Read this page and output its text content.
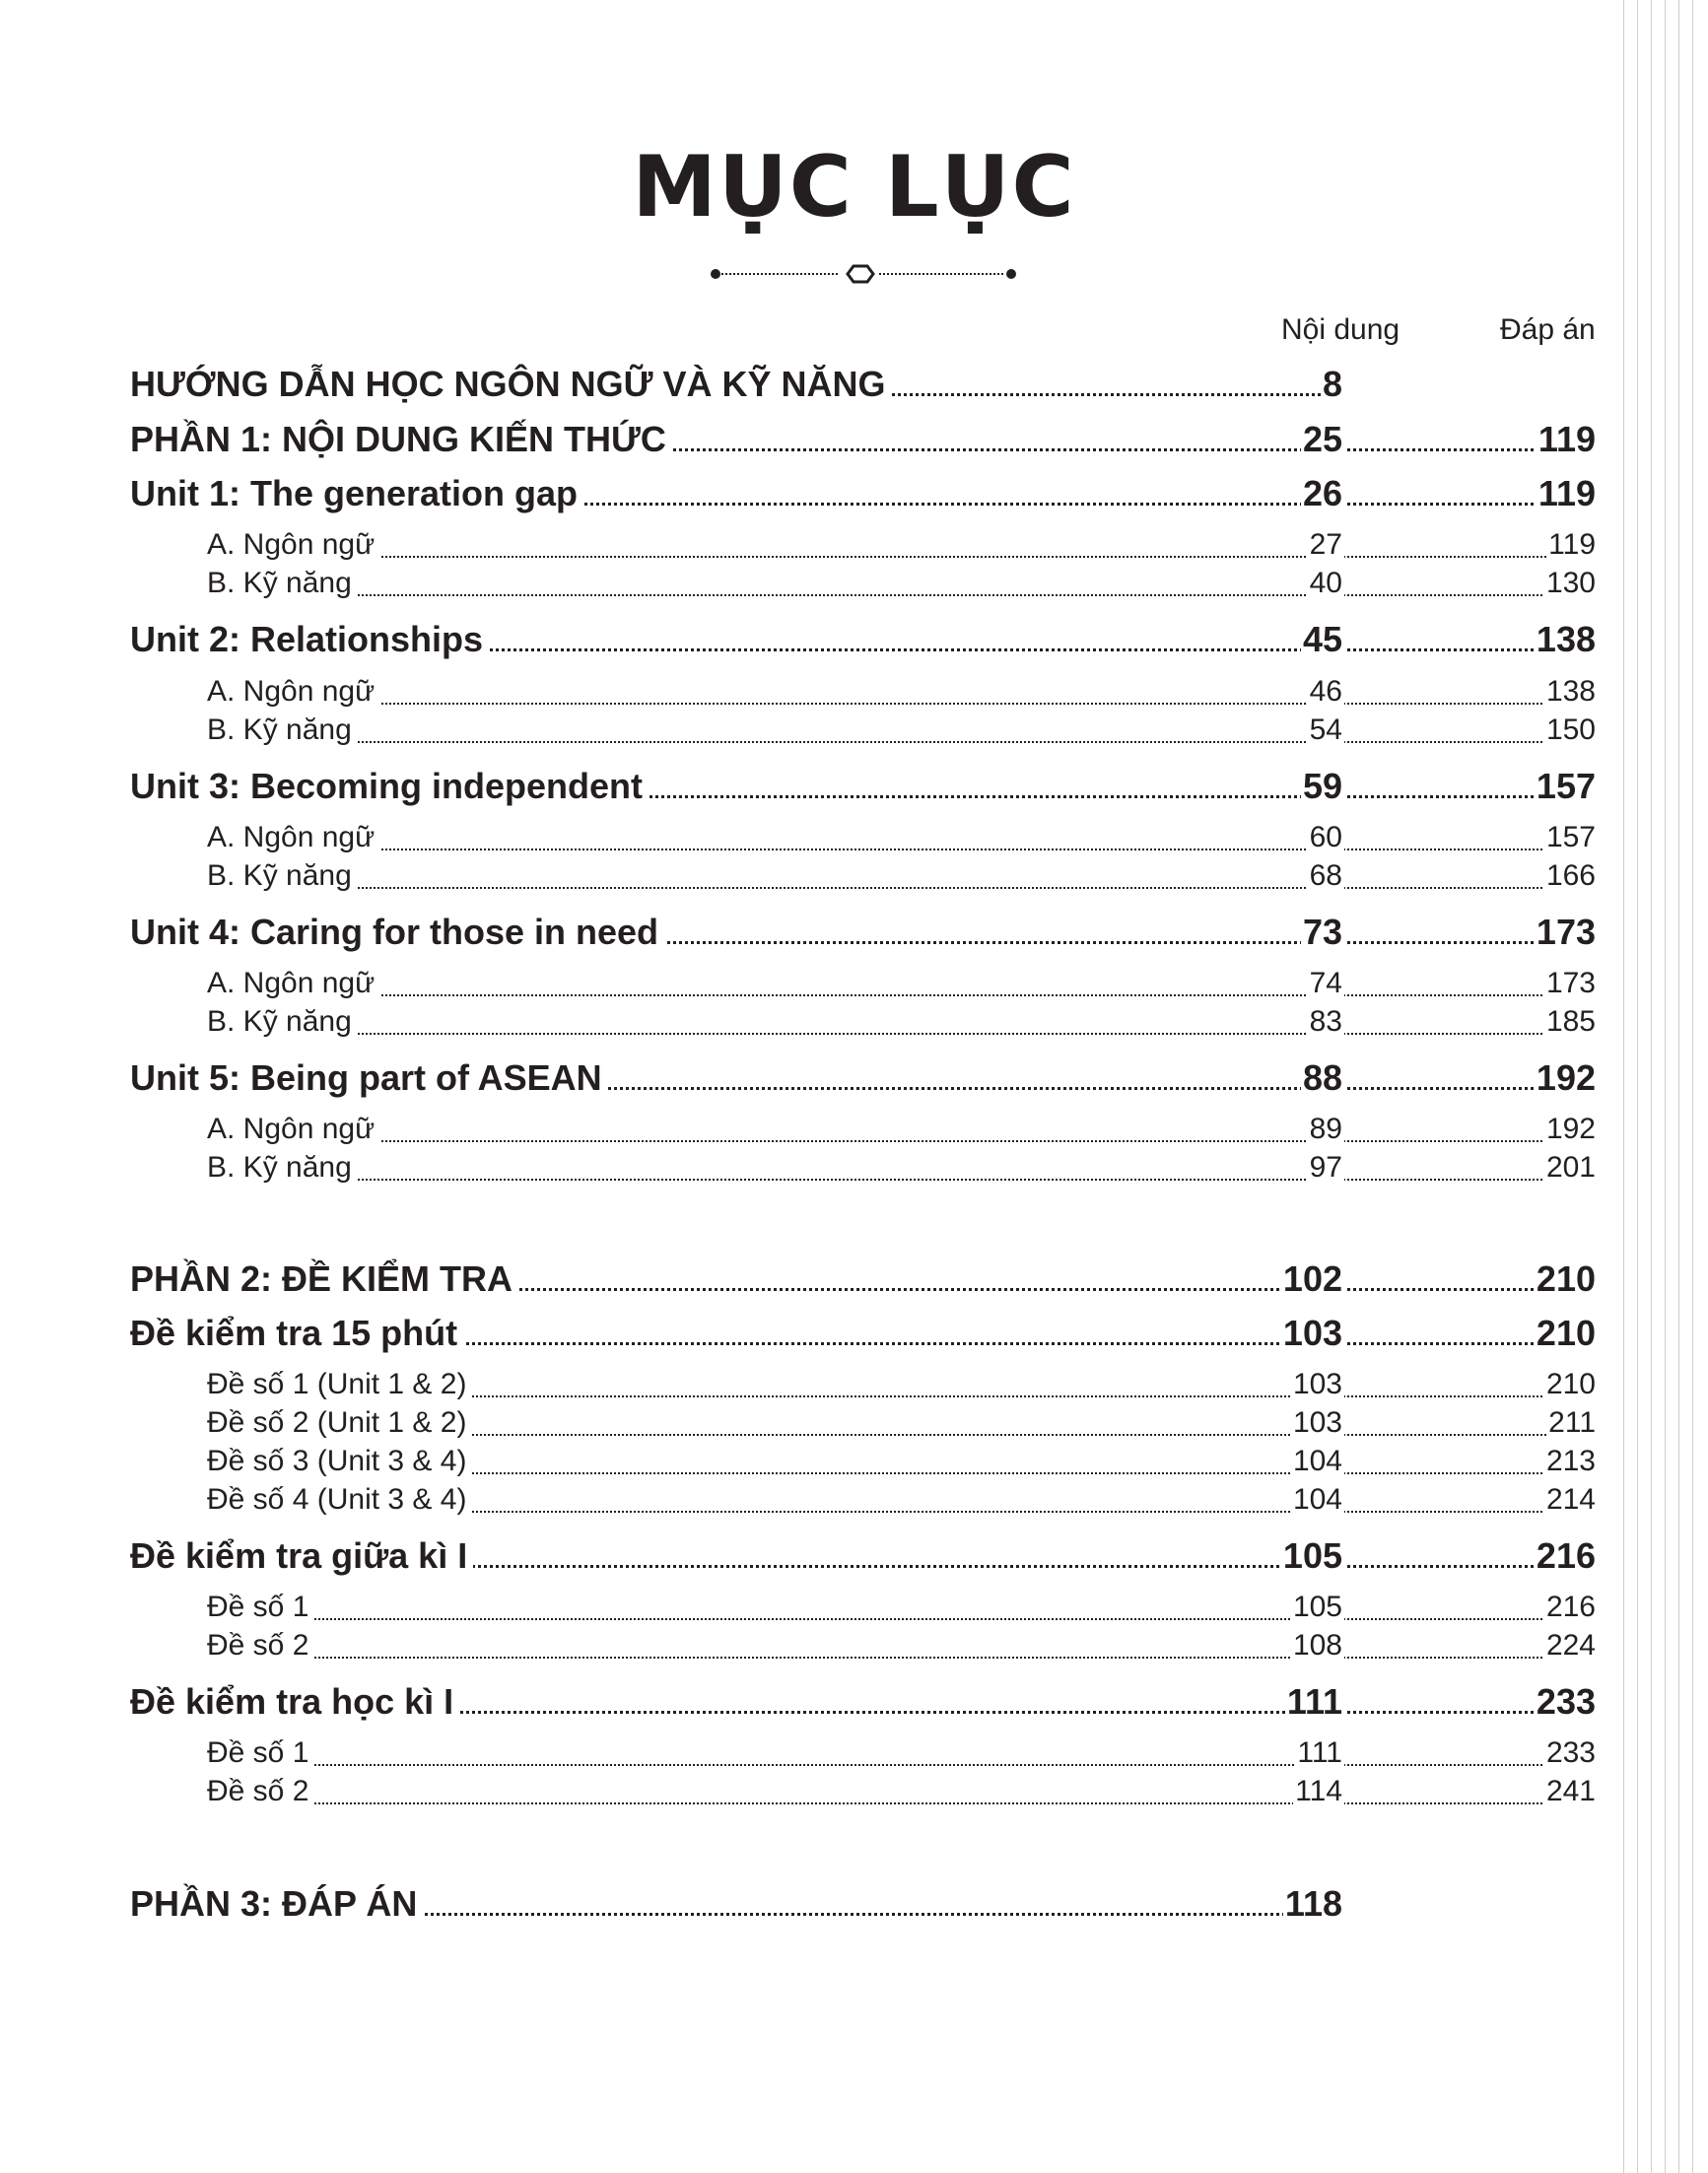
MỤC LỤC
Nội dung	Đáp án
HƯỚNG DẪN HỌC NGÔN NGỮ VÀ KỸ NĂNG	8
PHẦN 1: NỘI DUNG KIẾN THỨC	25	119
Unit 1: The generation gap	26	119
A. Ngôn ngữ	27	119
B. Kỹ năng	40	130
Unit 2: Relationships	45	138
A. Ngôn ngữ	46	138
B. Kỹ năng	54	150
Unit 3: Becoming independent	59	157
A. Ngôn ngữ	60	157
B. Kỹ năng	68	166
Unit 4: Caring for those in need	73	173
A. Ngôn ngữ	74	173
B. Kỹ năng	83	185
Unit 5: Being part of ASEAN	88	192
A. Ngôn ngữ	89	192
B. Kỹ năng	97	201
PHẦN 2: ĐỀ KIỂM TRA	102	210
Đề kiểm tra 15 phút	103	210
Đề số 1 (Unit 1 & 2)	103	210
Đề số 2 (Unit 1 & 2)	103	211
Đề số 3 (Unit 3 & 4)	104	213
Đề số 4 (Unit 3 & 4)	104	214
Đề kiểm tra giữa kì I	105	216
Đề số 1	105	216
Đề số 2	108	224
Đề kiểm tra học kì I	111	233
Đề số 1	111	233
Đề số 2	114	241
PHẦN 3: ĐÁP ÁN	118
